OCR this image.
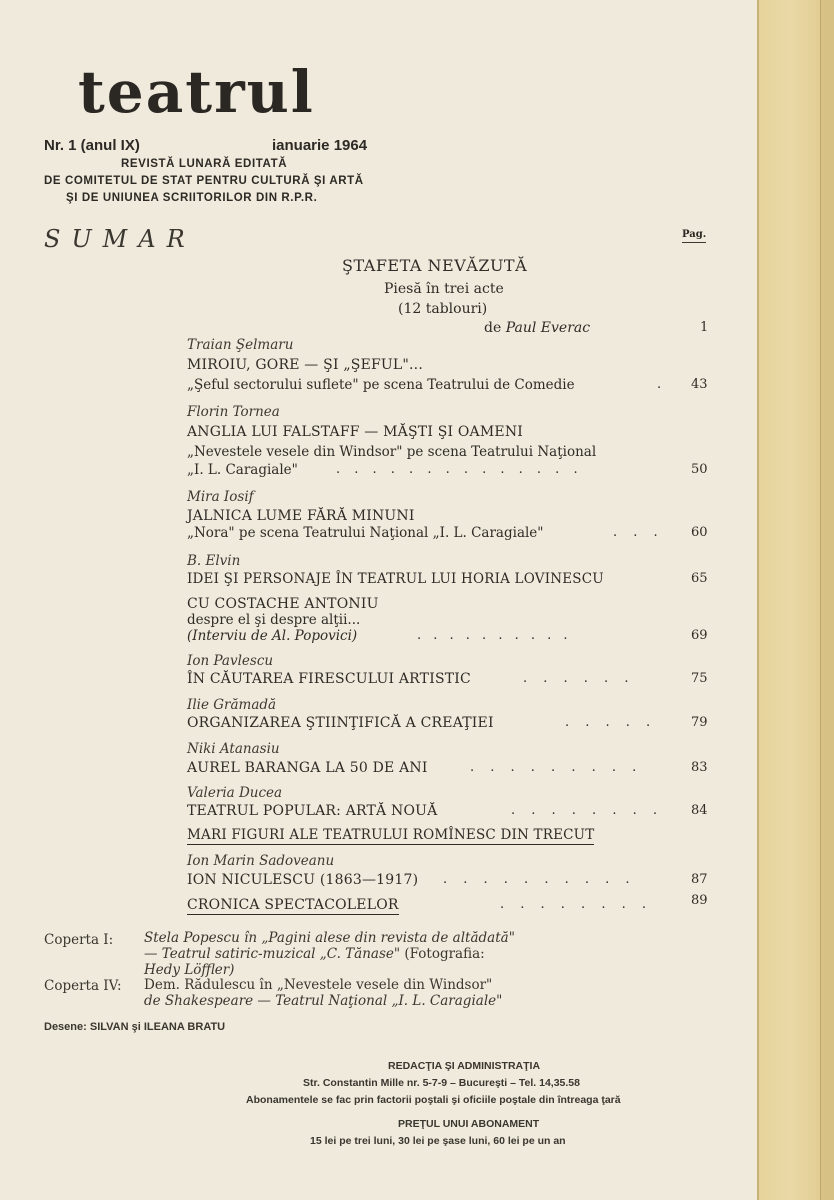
teatrul
Nr. 1 (anul IX)	ianuarie 1964
REVISTĂ LUNARĂ EDITATĂ
DE COMITETUL DE STAT PENTRU CULTURĂ ŞI ARTĂ
ŞI DE UNIUNEA SCRIITORILOR DIN R.P.R.
SUMAR	Pag.
ŞTAFETA NEVĂZUTĂ
Piesă în trei acte
(12 tablouri)
de Paul Everac	1
Traian Şelmaru
MIROIU, GORE — ŞI „ŞEFUL"...
„Şeful sectorului suflete" pe scena Teatrului de Comedie	. 43
Florin Tornea
ANGLIA LUI FALSTAFF — MĂŞTI ŞI OAMENI
„Nevestele vesele din Windsor" pe scena Teatrului Naţional
„I. L. Caragiale"	. . . . . . . . . . . . . .	50
Mira Iosif
JALNICA LUME FĂRĂ MINUNI
„Nora" pe scena Teatrului Naţional „I. L. Caragiale"	. . . 60
B. Elvin
IDEI ŞI PERSONAJE ÎN TEATRUL LUI HORIA LOVINESCU	65
CU COSTACHE ANTONIU
despre el şi despre alţii...
(Interviu de Al. Popovici)	. . . . . . . . . .	69
Ion Pavlescu
ÎN CĂUTAREA FIRESCULUI ARTISTIC	. . . . . .	75
Ilie Grămadă
ORGANIZAREA ŞTIINŢIFICĂ A CREAŢIEI	. . . . .	79
Niki Atanasiu
AUREL BARANGA LA 50 DE ANI	. . . . . . . . .	83
Valeria Ducea
TEATRUL POPULAR: ARTĂ NOUĂ	. . . . . . . . 84
MARI FIGURI ALE TEATRULUI ROMÎNESC DIN TRECUT
Ion Marin Sadoveanu
ION NICULESCU (1863—1917) . . . . . . . . . .	87
CRONICA SPECTACOLELOR	. . . . . . . .	89
Coperta I: Stela Popescu în „Pagini alese din revista de altădată"
— Teatrul satiric-muzical „C. Tănase" (Fotografia:
Hedy Löffler)
Coperta IV: Dem. Rădulescu în „Nevestele vesele din Windsor"
de Shakespeare — Teatrul Naţional „I. L. Caragiale"
Desene: SILVAN şi ILEANA BRATU
REDACŢIA ŞI ADMINISTRAŢIA
Str. Constantin Mille nr. 5-7-9 – Bucureşti – Tel. 14,35.58
Abonamentele se fac prin factorii poştali şi oficiile poştale din întreaga ţară
PREŢUL UNUI ABONAMENT
15 lei pe trei luni, 30 lei pe şase luni, 60 lei pe un an
